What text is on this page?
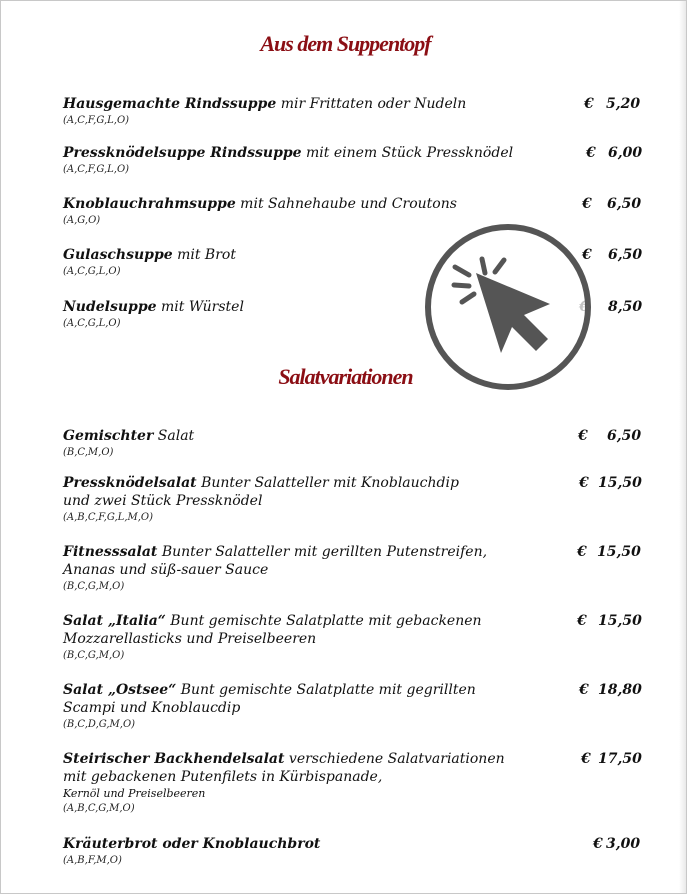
Aus dem Suppentopf
Hausgemachte Rindssuppe mir Frittaten oder Nudeln
(A,C,F,G,L,O)
€ 5,20
Pressknödelsuppe Rindssuppe mit einem Stück Pressknödel
(A,C,F,G,L,O)
€ 6,00
Knoblauchrahmsuppe mit Sahnehaube und Croutons
(A,G,O)
€ 6,50
Gulaschsuppe mit Brot
(A,C,G,L,O)
€ 6,50
Nudelsuppe mit Würstel
(A,C,G,L,O)
8,50
Salatvariationen
Gemischter Salat
(B,C,M,O)
€ 6,50
Pressknödelsalat Bunter Salatteller mit Knoblauchdip
und zwei Stück Pressknödel
(A,B,C,F,G,L,M,O)
€ 15,50
Fitnesssalat Bunter Salatteller mit gerillten Putenstreifen,
Ananas und süß-sauer Sauce
(B,C,G,M,O)
€ 15,50
Salat „Italia“ Bunt gemischte Salatplatte mit gebackenen
Mozzarellasticks und Preiselbeeren
(B,C,G,M,O)
€ 15,50
Salat „Ostsee“ Bunt gemischte Salatplatte mit gegrillten
Scampi und Knoblaucdip
(B,C,D,G,M,O)
€ 18,80
Steirischer Backhendelsalat verschiedene Salatvariationen
mit gebackenen Putenfilets in Kürbispanade,
Kernöl und Preiselbeeren
(A,B,C,G,M,O)
€ 17,50
Kräuterbrot oder Knoblauchbrot
(A,B,F,M,O)
€ 3,00
